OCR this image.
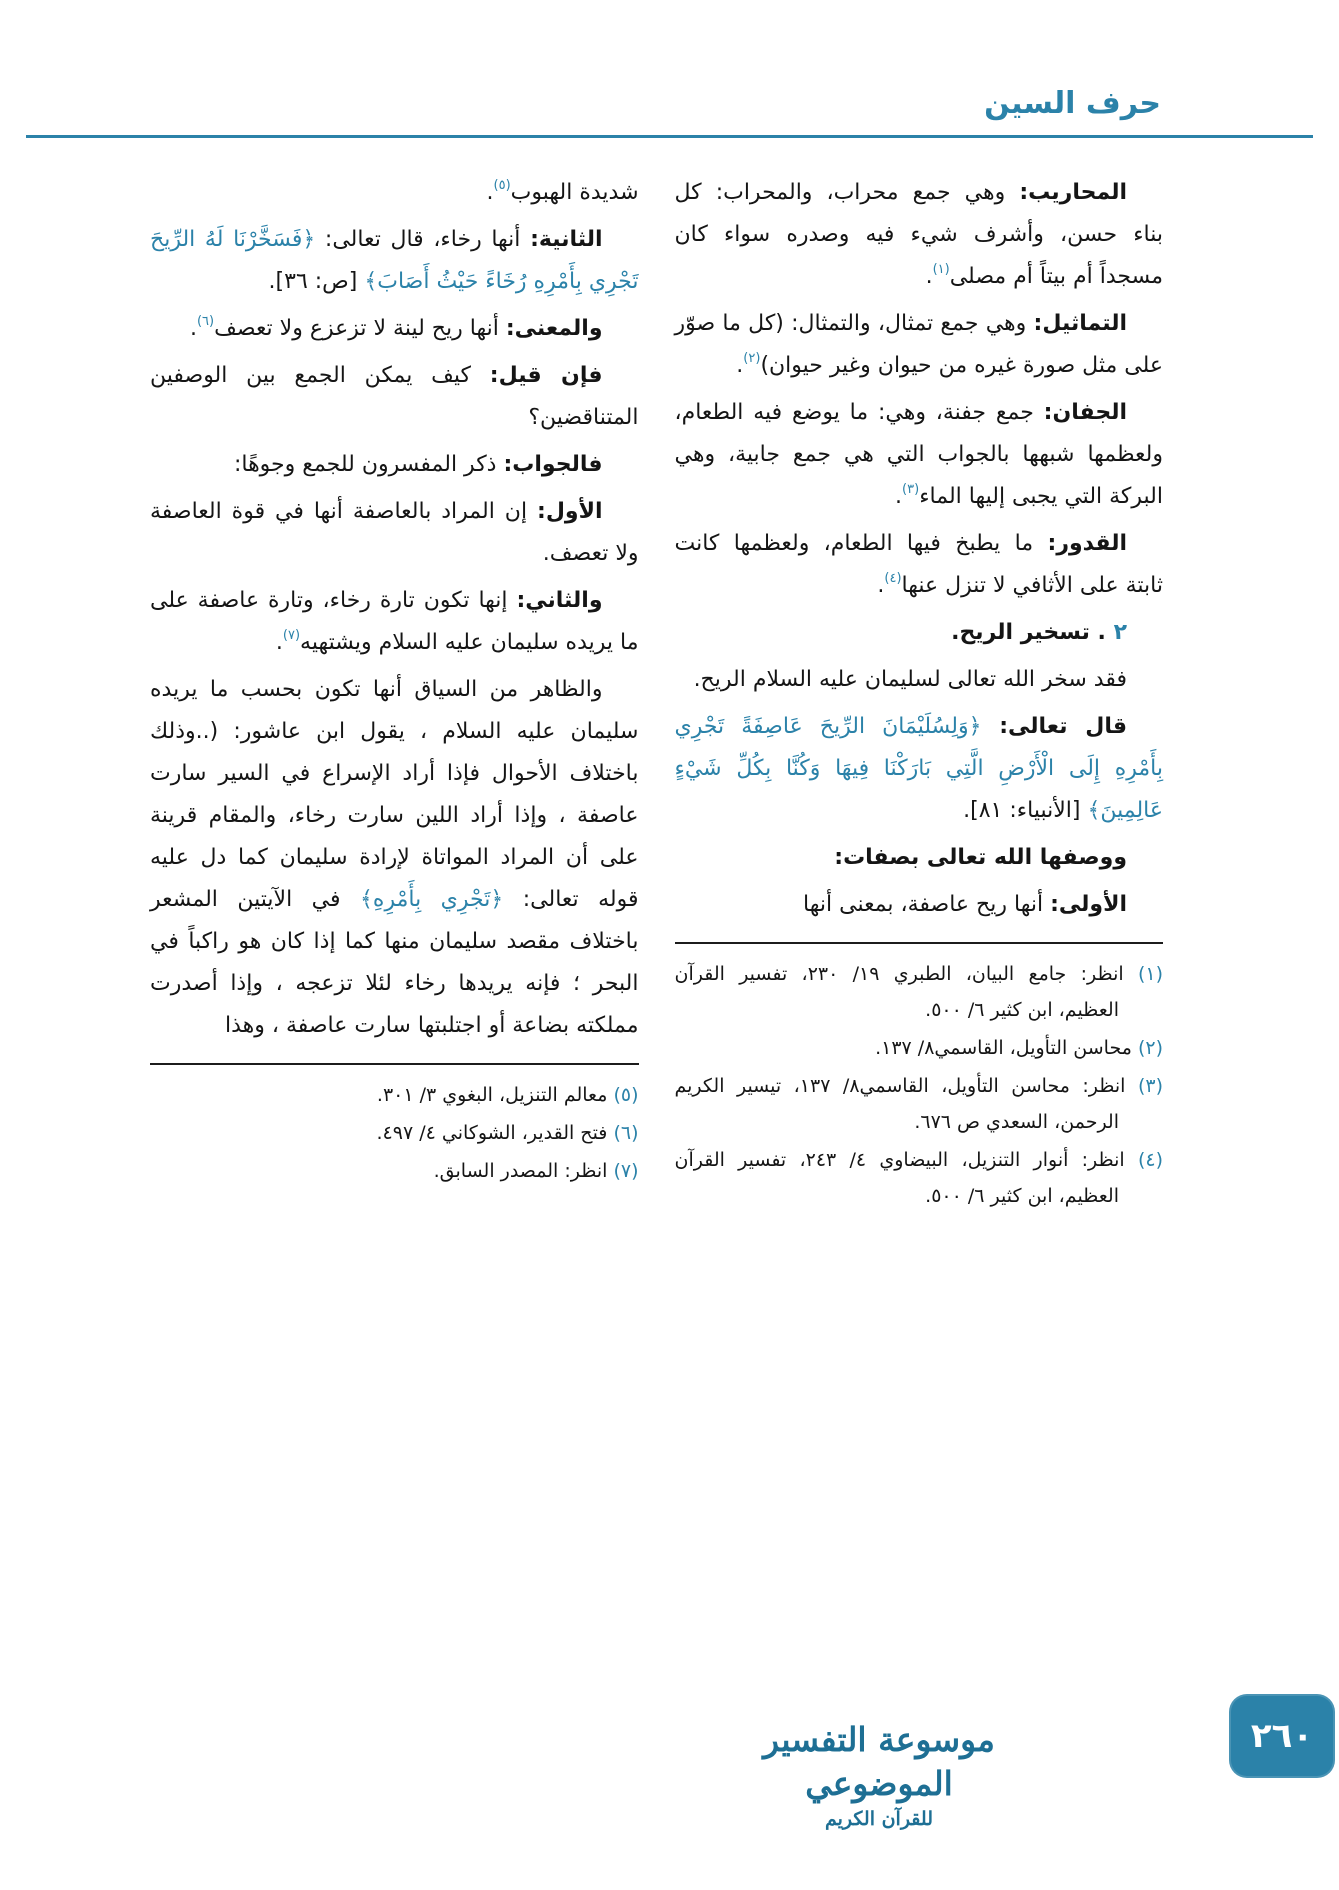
حرف السين

المحاريب: وهي جمع محراب، والمحراب: كل بناء حسن، وأشرف شيء فيه وصدره سواء كان مسجداً أم بيتاً أم مصلى$^{(١)}$.

التماثيل: وهي جمع تمثال، والتمثال: (كل ما صوّر على مثل صورة غيره من حيوان وغير حيوان)$^{(٢)}$.

الجفان: جمع جفنة، وهي: ما يوضع فيه الطعام، ولعظمها شبهها بالجواب التي هي جمع جابية، وهي البركة التي يجبى إليها الماء$^{(٣)}$.

القدور: ما يطبخ فيها الطعام، ولعظمها كانت ثابتة على الأثافي لا تنزل عنها$^{(٤)}$.

٢ . تسخير الريح.

فقد سخر الله تعالى لسليمان عليه السلام الريح.

قال تعالى: ﴿وَلِسُلَيْمَانَ الرِّيحَ عَاصِفَةً تَجْرِي بِأَمْرِهِ إِلَى الْأَرْضِ الَّتِي بَارَكْنَا فِيهَا وَكُنَّا بِكُلِّ شَيْءٍ عَالِمِينَ﴾ [الأنبياء: ٨١].

ووصفها الله تعالى بصفات:

الأولى: أنها ريح عاصفة، بمعنى أنها

(١) انظر: جامع البيان، الطبري ١٩/ ٢٣٠، تفسير القرآن العظيم، ابن كثير ٦/ ٥٠٠.
(٢) محاسن التأويل، القاسمي٨/ ١٣٧.
(٣) انظر: محاسن التأويل، القاسمي٨/ ١٣٧، تيسير الكريم الرحمن، السعدي ص ٦٧٦.
(٤) انظر: أنوار التنزيل، البيضاوي ٤/ ٢٤٣، تفسير القرآن العظيم، ابن كثير ٦/ ٥٠٠.

شديدة الهبوب$^{(٥)}$.

الثانية: أنها رخاء، قال تعالى: ﴿فَسَخَّرْنَا لَهُ الرِّيحَ تَجْرِي بِأَمْرِهِ رُخَاءً حَيْثُ أَصَابَ﴾ [ص: ٣٦].

والمعنى: أنها ريح لينة لا تزعزع ولا تعصف$^{(٦)}$.

فإن قيل: كيف يمكن الجمع بين الوصفين المتناقضين؟

فالجواب: ذكر المفسرون للجمع وجوهًا:

الأول: إن المراد بالعاصفة أنها في قوة العاصفة ولا تعصف.

والثاني: إنها تكون تارة رخاء، وتارة عاصفة على ما يريده سليمان عليه السلام ويشتهيه$^{(٧)}$.

والظاهر من السياق أنها تكون بحسب ما يريده سليمان عليه السلام ، يقول ابن عاشور: (..وذلك باختلاف الأحوال فإذا أراد الإسراع في السير سارت عاصفة ، وإذا أراد اللين سارت رخاء، والمقام قرينة على أن المراد المواتاة لإرادة سليمان كما دل عليه قوله تعالى: ﴿تَجْرِي بِأَمْرِهِ﴾ في الآيتين المشعر باختلاف مقصد سليمان منها كما إذا كان هو راكباً في البحر ؛ فإنه يريدها رخاء لئلا تزعجه ، وإذا أصدرت مملكته بضاعة أو اجتلبتها سارت عاصفة ، وهذا

(٥) معالم التنزيل، البغوي ٣/ ٣٠١.
(٦) فتح القدير، الشوكاني ٤/ ٤٩٧.
(٧) انظر: المصدر السابق.
موسوعة التفسير الموضوعي
للقرآن الكريم
٢٦٠
